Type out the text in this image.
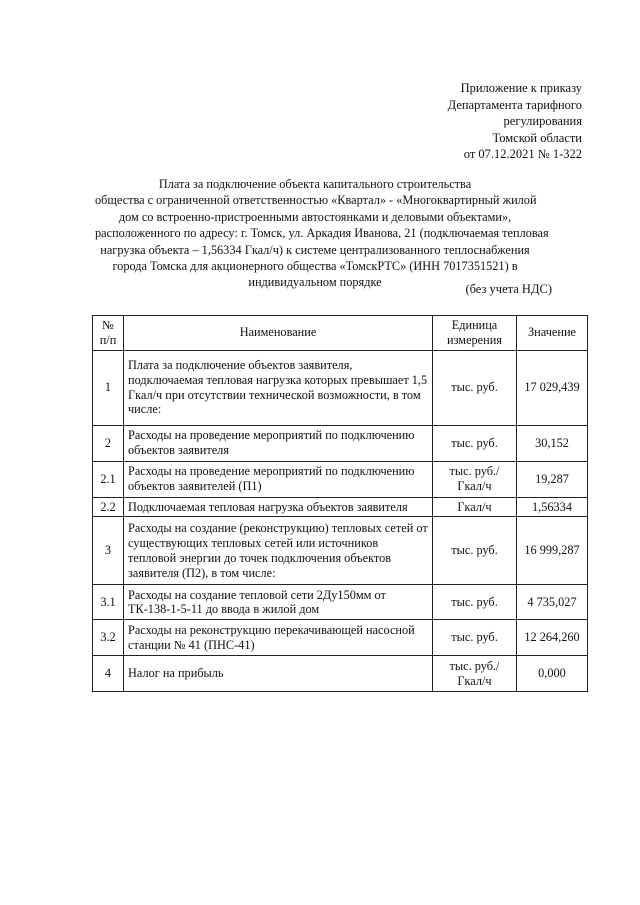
Приложение к приказу
Департамента тарифного
регулирования
Томской области
от 07.12.2021 № 1-322
Плата за подключение объекта капитального строительства
общества с ограниченной ответственностью «Квартал» - «Многоквартирный жилой
дом со встроенно-пристроенными автостоянками и деловыми объектами»,
расположенного по адресу: г. Томск, ул. Аркадия Иванова, 21 (подключаемая тепловая
нагрузка объекта – 1,56334 Гкал/ч) к системе централизованного теплоснабжения
города Томска для акционерного общества «ТомскРТС» (ИНН 7017351521) в
индивидуальном порядке	(без учета НДС)
№ п/п	Наименование	Единица измерения	Значение
1	Плата за подключение объектов заявителя, подключаемая тепловая нагрузка которых превышает 1,5 Гкал/ч при отсутствии технической возможности, в том числе:	тыс. руб.	17 029,439
2	Расходы на проведение мероприятий по подключению объектов заявителя	тыс. руб.	30,152
2.1	Расходы на проведение мероприятий по подключению объектов заявителей (П1)	тыс. руб./ Гкал/ч	19,287
2.2	Подключаемая тепловая нагрузка объектов заявителя	Гкал/ч	1,56334
3	Расходы на создание (реконструкцию) тепловых сетей от существующих тепловых сетей или источников тепловой энергии до точек подключения объектов заявителя (П2), в том числе:	тыс. руб.	16 999,287
3.1	Расходы на создание тепловой сети 2Ду150мм от ТК-138-1-5-11 до ввода в жилой дом	тыс. руб.	4 735,027
3.2	Расходы на реконструкцию перекачивающей насосной станции № 41 (ПНС-41)	тыс. руб.	12 264,260
4	Налог на прибыль	тыс. руб./ Гкал/ч	0,000
